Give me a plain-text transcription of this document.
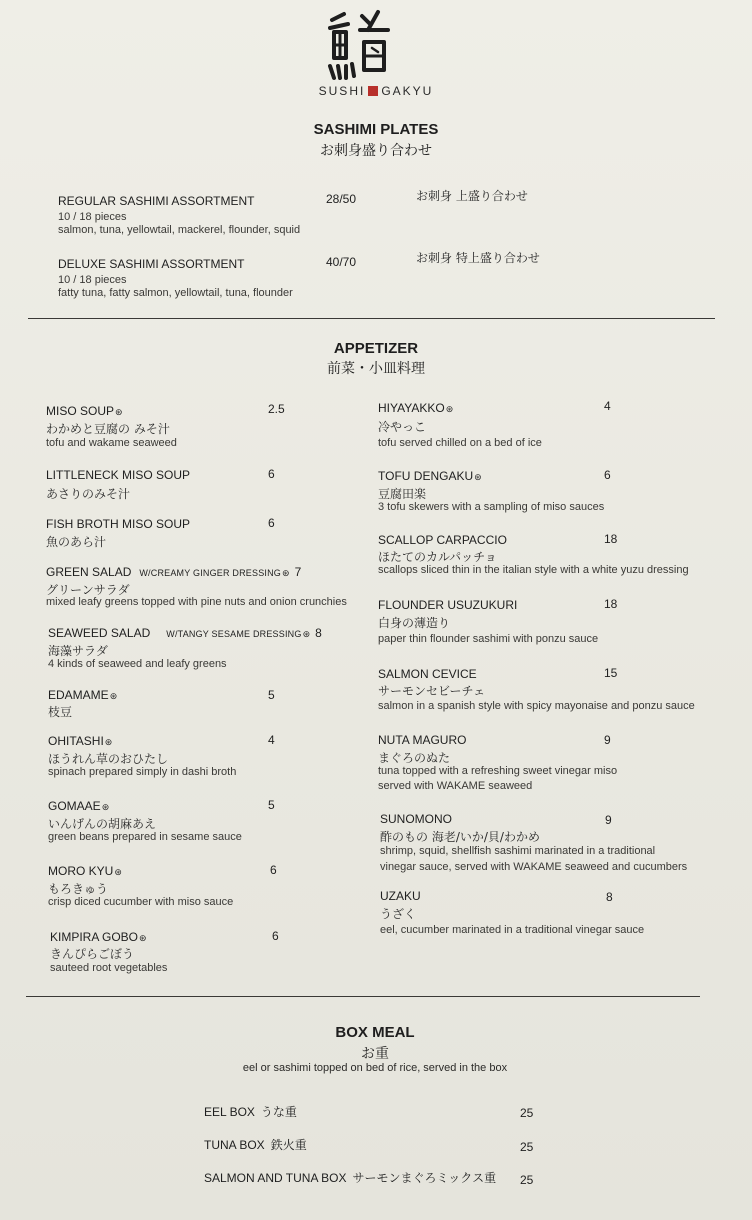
SUSHI GAKYU
SASHIMI PLATES
お刺身盛り合わせ
REGULAR SASHIMI ASSORTMENT	28/50	お刺身 上盛り合わせ
10 / 18 pieces
salmon, tuna, yellowtail, mackerel, flounder, squid
DELUXE SASHIMI ASSORTMENT	40/70	お刺身 特上盛り合わせ
10 / 18 pieces
fatty tuna, fatty salmon, yellowtail, tuna, flounder
APPETIZER
前菜・小皿料理
MISO SOUP⊛	2.5
わかめと豆腐の みそ汁
tofu and wakame seaweed
LITTLENECK MISO SOUP	6
あさりのみそ汁
FISH BROTH MISO SOUP	6
魚のあら汁
GREEN SALAD W/CREAMY GINGER DRESSING⊛ 7
グリーンサラダ
mixed leafy greens topped with pine nuts and onion crunchies
SEAWEED SALAD W/TANGY SESAME DRESSING⊛ 8
海藻サラダ
4 kinds of seaweed and leafy greens
EDAMAME⊛	5
枝豆
OHITASHI⊛	4
ほうれん草のおひたし
spinach prepared simply in dashi broth
GOMAAE⊛	5
いんげんの胡麻あえ
green beans prepared in sesame sauce
MORO KYU⊛	6
もろきゅう
crisp diced cucumber with miso sauce
KIMPIRA GOBO⊛	6
きんぴらごぼう
sauteed root vegetables
HIYAYAKKO⊛	4
冷やっこ
tofu served chilled on a bed of ice
TOFU DENGAKU⊛	6
豆腐田楽
3 tofu skewers with a sampling of miso sauces
SCALLOP CARPACCIO	18
ほたてのカルパッチョ
scallops sliced thin in the italian style with a white yuzu dressing
FLOUNDER USUZUKURI	18
白身の薄造り
paper thin flounder sashimi with ponzu sauce
SALMON CEVICE	15
サーモンセビーチェ
salmon in a spanish style with spicy mayonaise and ponzu sauce
NUTA MAGURO	9
まぐろのぬた
tuna topped with a refreshing sweet vinegar miso
served with WAKAME seaweed
SUNOMONO	9
酢のもの 海老/いか/貝/わかめ
shrimp, squid, shellfish sashimi marinated in a traditional
vinegar sauce, served with WAKAME seaweed and cucumbers
UZAKU	8
うざく
eel, cucumber marinated in a traditional vinegar sauce
BOX MEAL
お重
eel or sashimi topped on bed of rice, served in the box
EEL BOX うな重	25
TUNA BOX 鉄火重	25
SALMON AND TUNA BOX サーモンまぐろミックス重 25
